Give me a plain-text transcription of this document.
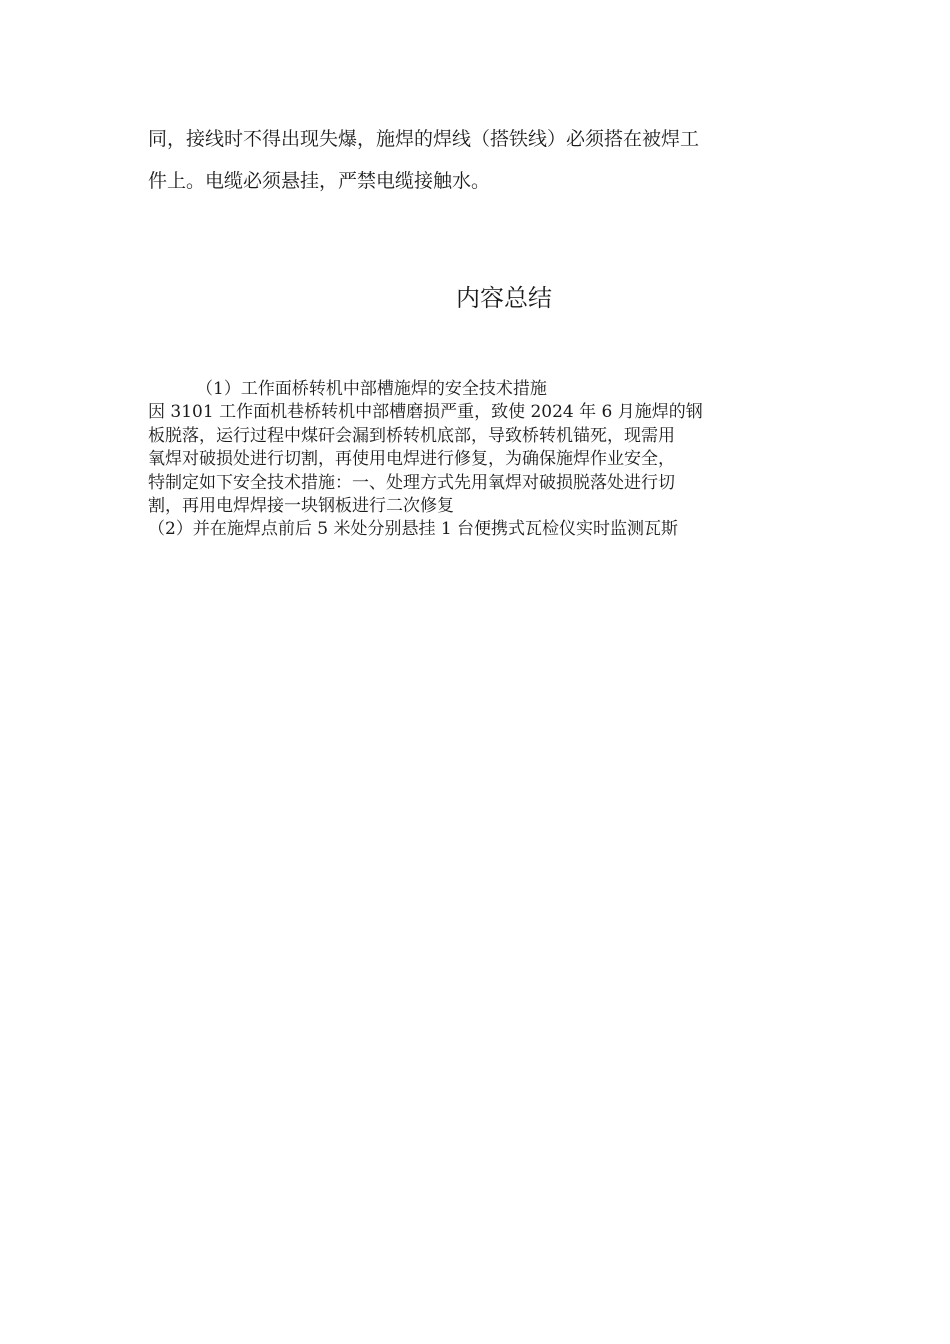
同，接线时不得出现失爆，施焊的焊线（搭铁线）必须搭在被焊工

件上。电缆必须悬挂，严禁电缆接触水。

内容总结
（1）工作面桥转机中部槽施焊的安全技术措施
因 3101 工作面机巷桥转机中部槽磨损严重，致使 2024 年 6 月施焊的钢
板脱落，运行过程中煤矸会漏到桥转机底部，导致桥转机锚死，现需用
氧焊对破损处进行切割，再使用电焊进行修复，为确保施焊作业安全，
特制定如下安全技术措施：一、处理方式先用氧焊对破损脱落处进行切
割，再用电焊焊接一块钢板进行二次修复
（2）并在施焊点前后 5 米处分别悬挂 1 台便携式瓦检仪实时监测瓦斯
